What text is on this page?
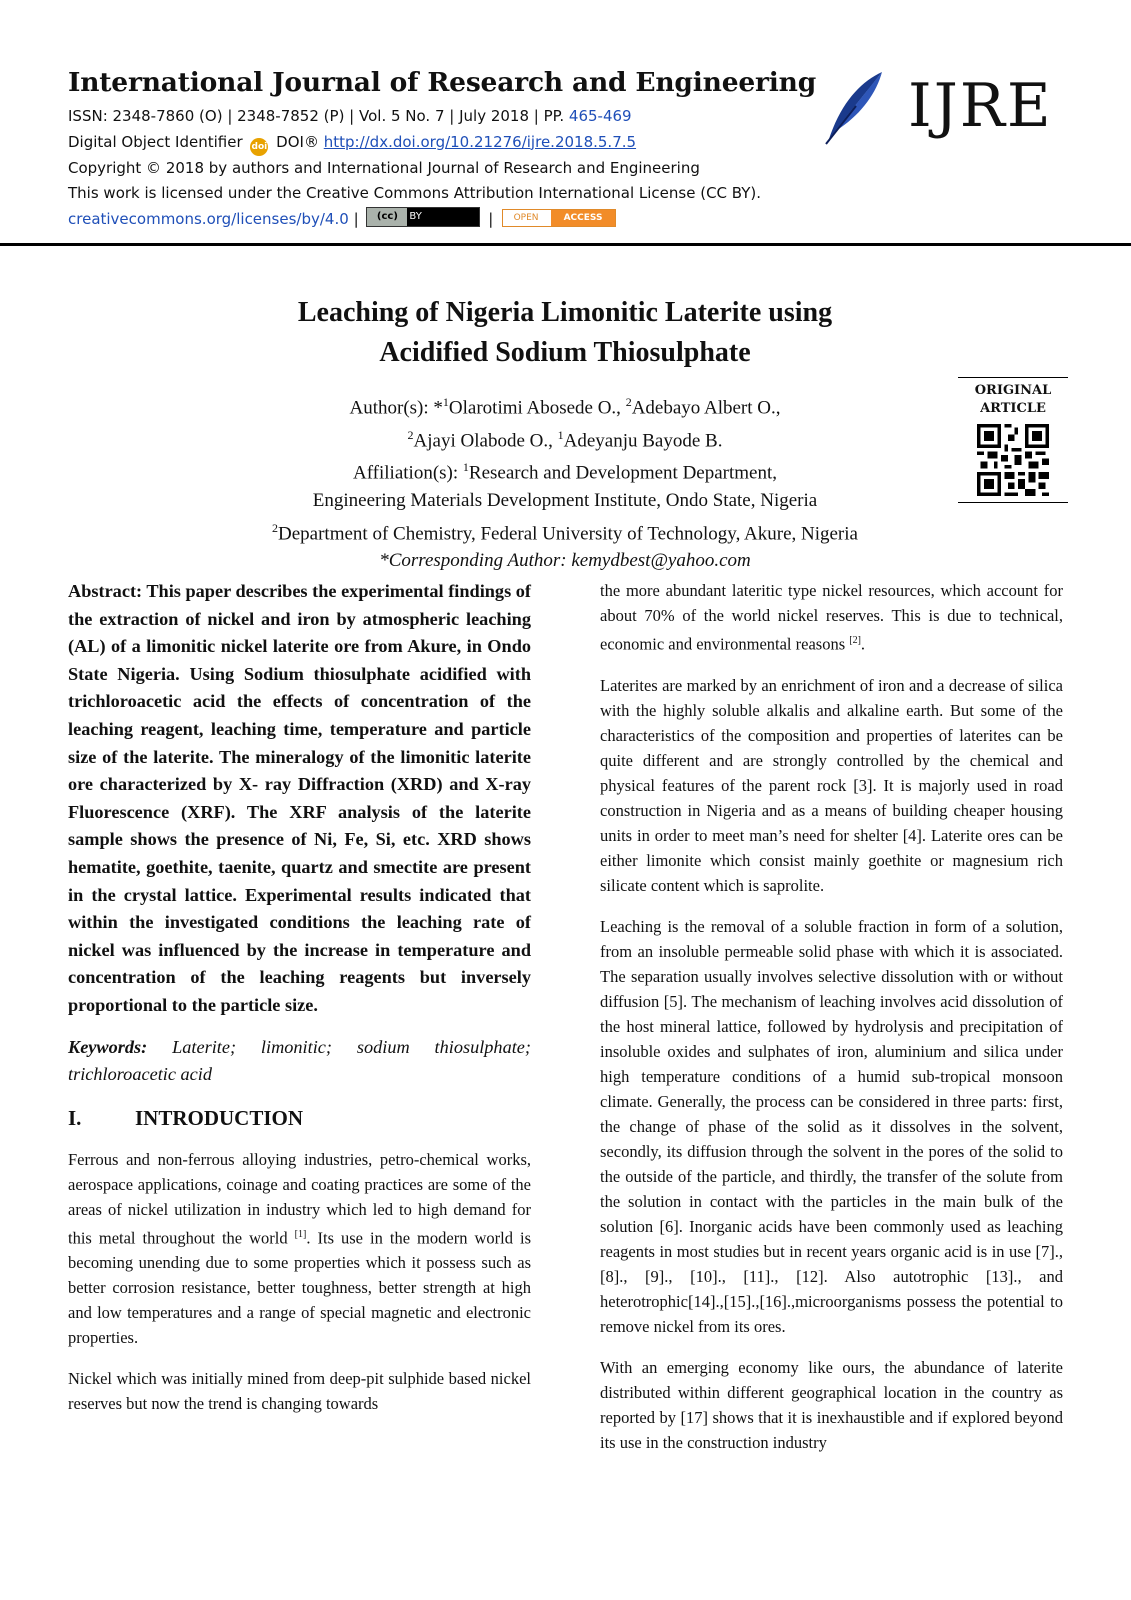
International Journal of Research and Engineering
ISSN: 2348-7860 (O) | 2348-7852 (P) | Vol. 5 No. 7 | July 2018 | PP. 465-469
Digital Object Identifier doi DOI® http://dx.doi.org/10.21276/ijre.2018.5.7.5
Copyright © 2018 by authors and International Journal of Research and Engineering
This work is licensed under the Creative Commons Attribution International License (CC BY).
creativecommons.org/licenses/by/4.0 |	(cc)	BY	|	OPEN	ACCESS
IJRE
Leaching of Nigeria Limonitic Laterite using
Acidified Sodium Thiosulphate
Author(s): *$^1$Olarotimi Abosede O., $^2$Adebayo Albert O.,
$^2$Ajayi Olabode O., $^1$Adeyanju Bayode B.
Affiliation(s): $^1$Research and Development Department,
Engineering Materials Development Institute, Ondo State, Nigeria
$^2$Department of Chemistry, Federal University of Technology, Akure, Nigeria
*Corresponding Author: kemydbest@yahoo.com
ORIGINAL
ARTICLE

Abstract: This paper describes the experimental findings of the extraction of nickel and iron by atmospheric leaching (AL) of a limonitic nickel laterite ore from Akure, in Ondo State Nigeria. Using Sodium thiosulphate acidified with trichloroacetic acid the effects of concentration of the leaching reagent, leaching time, temperature and particle size of the laterite. The mineralogy of the limonitic laterite ore characterized by X- ray Diffraction (XRD) and X-ray Fluorescence (XRF). The XRF analysis of the laterite sample shows the presence of Ni, Fe, Si, etc. XRD shows hematite, goethite, taenite, quartz and smectite are present in the crystal lattice. Experimental results indicated that within the investigated conditions the leaching rate of nickel was influenced by the increase in temperature and concentration of the leaching reagents but inversely proportional to the particle size.

Keywords: Laterite; limonitic; sodium thiosulphate; trichloroacetic acid

I.	INTRODUCTION

Ferrous and non-ferrous alloying industries, petro-chemical works, aerospace applications, coinage and coating practices are some of the areas of nickel utilization in industry which led to high demand for this metal throughout the world [1]. Its use in the modern world is becoming unending due to some properties which it possess such as better corrosion resistance, better toughness, better strength at high and low temperatures and a range of special magnetic and electronic properties.

Nickel which was initially mined from deep-pit sulphide based nickel reserves but now the trend is changing towards

the more abundant lateritic type nickel resources, which account for about 70% of the world nickel reserves. This is due to technical, economic and environmental reasons [2].

Laterites are marked by an enrichment of iron and a decrease of silica with the highly soluble alkalis and alkaline earth. But some of the characteristics of the composition and properties of laterites can be quite different and are strongly controlled by the chemical and physical features of the parent rock [3]. It is majorly used in road construction in Nigeria and as a means of building cheaper housing units in order to meet man’s need for shelter [4]. Laterite ores can be either limonite which consist mainly goethite or magnesium rich silicate content which is saprolite.

Leaching is the removal of a soluble fraction in form of a solution, from an insoluble permeable solid phase with which it is associated. The separation usually involves selective dissolution with or without diffusion [5]. The mechanism of leaching involves acid dissolution of the host mineral lattice, followed by hydrolysis and precipitation of insoluble oxides and sulphates of iron, aluminium and silica under high temperature conditions of a humid sub-tropical monsoon climate. Generally, the process can be considered in three parts: first, the change of phase of the solid as it dissolves in the solvent, secondly, its diffusion through the solvent in the pores of the solid to the outside of the particle, and thirdly, the transfer of the solute from the solution in contact with the particles in the main bulk of the solution [6]. Inorganic acids have been commonly used as leaching reagents in most studies but in recent years organic acid is in use [7]., [8]., [9]., [10]., [11]., [12]. Also autotrophic [13]., and heterotrophic[14].,[15].,[16].,microorganisms possess the potential to remove nickel from its ores.

With an emerging economy like ours, the abundance of laterite distributed within different geographical location in the country as reported by [17] shows that it is inexhaustible and if explored beyond its use in the construction industry
